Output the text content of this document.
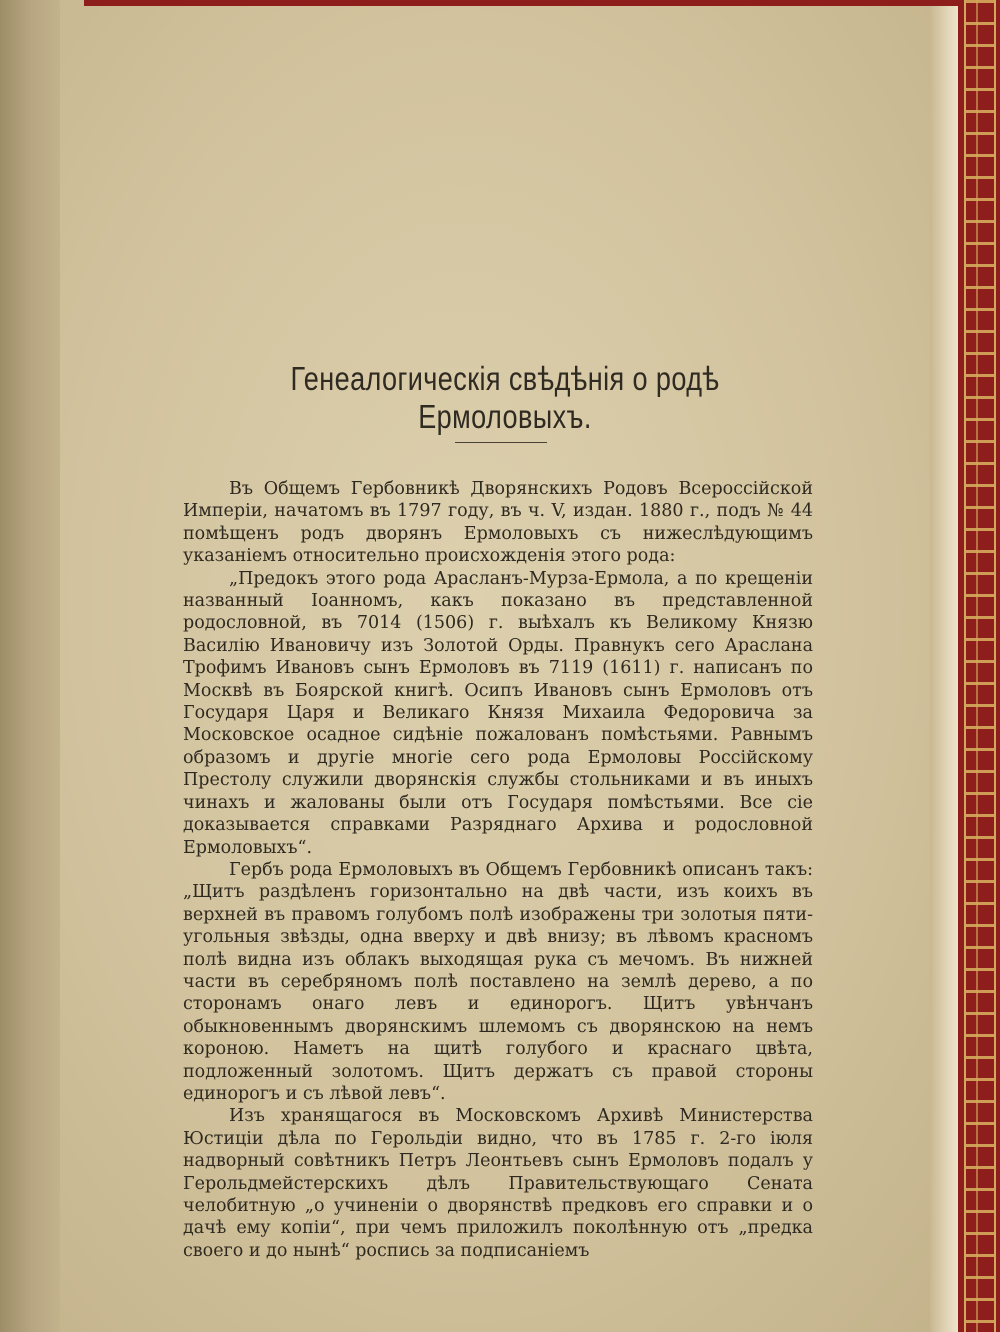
Генеалогическія свѣдѣнія о родѣ Ермоловыхъ.

Въ Общемъ Гербовникѣ Дворянскихъ Родовъ Всероссійской Имперіи, начатомъ въ 1797 году, въ ч. V, издан. 1880 г., подъ № 44 помѣщенъ родъ дворянъ Ермоловыхъ съ нижеслѣдующимъ указаніемъ относительно происхожденія этого рода:

„Предокъ этого рода Араcланъ-Мурза-Ермола, а по крещеніи названный Іоанномъ, какъ показано въ представленной родословной, въ 7014 (1506) г. выѣхалъ къ Великому Князю Василію Ивановичу изъ Золотой Орды. Правнукъ сего Арaслана Трофимъ Ивановъ сынъ Ермоловъ въ 7119 (1611) г. написанъ по Москвѣ въ Боярской книгѣ. Осипъ Ивановъ сынъ Ермоловъ отъ Государя Царя и Великаго Князя Михаила Федоровича за Московское осадное сидѣніе пожалованъ помѣстьями. Равнымъ образомъ и другіе многіе сего рода Ермоловы Россійскому Престолу служили дворянскія службы стольниками и въ иныхъ чинахъ и жалованы были отъ Государя помѣстьями. Все сіе доказывается справками Разряднаго Архива и родословной Ермоловыхъ“.

Гербъ рода Ермоловыхъ въ Общемъ Гербовникѣ описанъ такъ: „Щитъ раздѣленъ горизонтально на двѣ части, изъ коихъ въ верхней въ правомъ голубомъ полѣ изображены три золотыя пяти-угольныя звѣзды, одна вверху и двѣ внизу; въ лѣвомъ красномъ полѣ видна изъ облакъ выходящая рука съ мечомъ. Въ нижней части въ серебряномъ полѣ поставлено на землѣ дерево, а по сторонамъ онаго левъ и единорогъ. Щитъ увѣнчанъ обыкновеннымъ дворянскимъ шлемомъ съ дворянскою на немъ короною. Наметъ на щитѣ голубого и краснаго цвѣта, подложенный золотомъ. Щитъ держатъ съ правой стороны единорогъ и съ лѣвой левъ“.

Изъ хранящагося въ Московскомъ Архивѣ Министерства Юстиціи дѣла по Герольдіи видно, что въ 1785 г. 2-го іюля надворный совѣтникъ Петръ Леонтьевъ сынъ Ермоловъ подалъ у Герольдмейстерскихъ дѣлъ Правительствующаго Сената челобитную „о учиненіи о дворянствѣ предковъ его справки и о дачѣ ему копіи“, при чемъ приложилъ поколѣнную отъ „предка своего и до нынѣ“ роспись за подписаніемъ
